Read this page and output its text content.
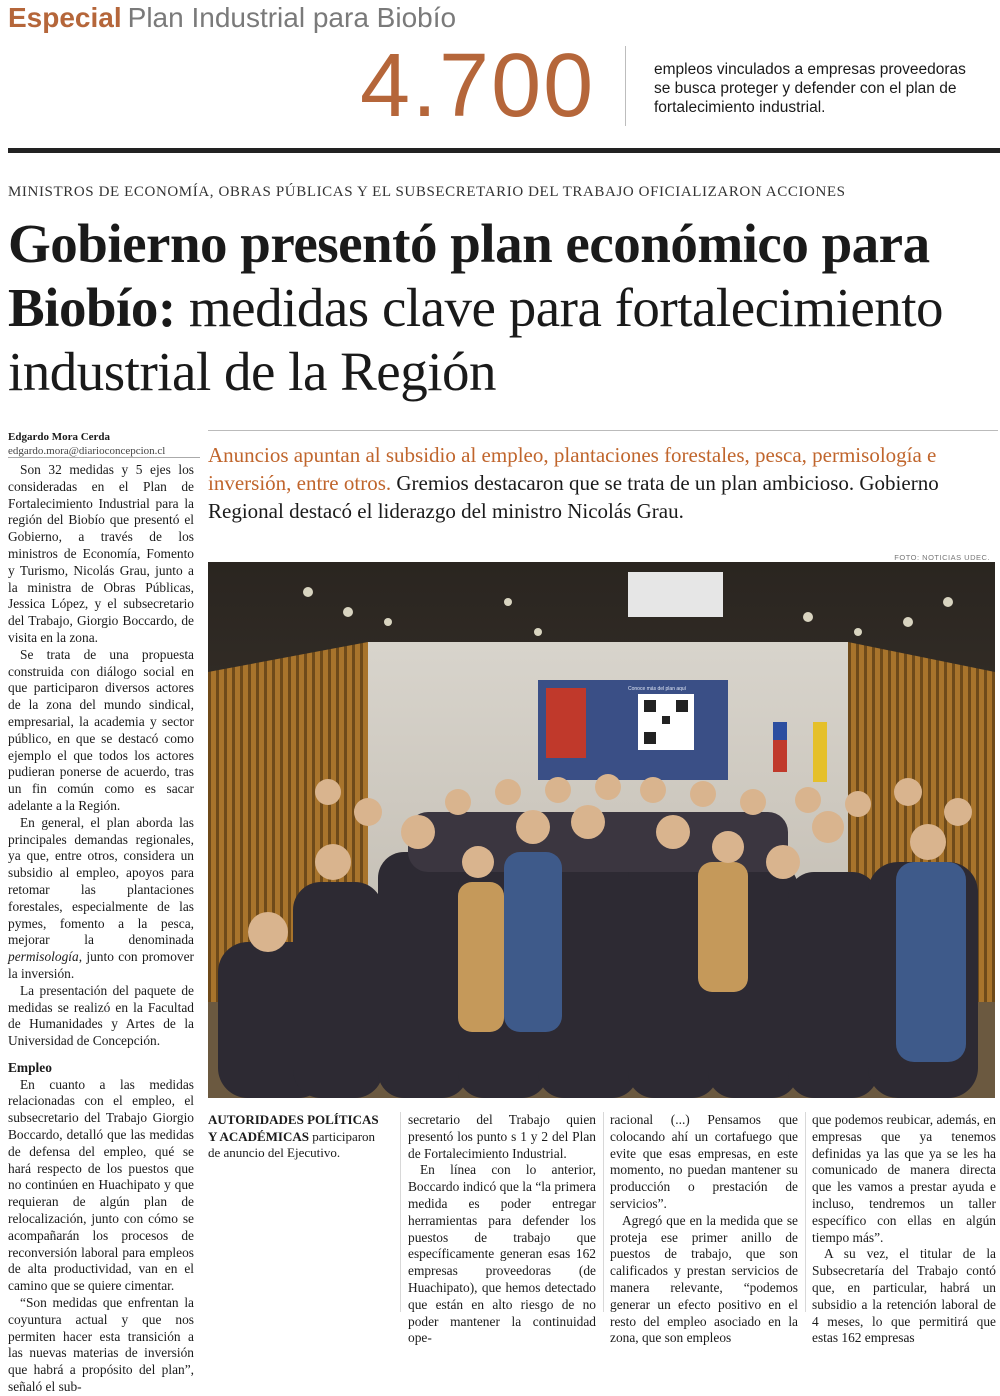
Especial Plan Industrial para Biobío
4.700	empleos vinculados a empresas proveedoras se busca proteger y defender con el plan de fortalecimiento industrial.
MINISTROS DE ECONOMÍA, OBRAS PÚBLICAS Y EL SUBSECRETARIO DEL TRABAJO OFICIALIZARON ACCIONES
Gobierno presentó plan económico para Biobío: medidas clave para fortalecimiento industrial de la Región
Edgardo Mora Cerda
edgardo.mora@diarioconcepcion.cl

Son 32 medidas y 5 ejes los consideradas en el Plan de Fortalecimiento Industrial para la región del Biobío que presentó el Gobierno, a través de los ministros de Economía, Fomento y Turismo, Nicolás Grau, junto a la ministra de Obras Públicas, Jessica López, y el subsecretario del Trabajo, Giorgio Boccardo, de visita en la zona.

Se trata de una propuesta construida con diálogo social en que participaron diversos actores de la zona del mundo sindical, empresarial, la academia y sector público, en que se destacó como ejemplo el que todos los actores pudieran ponerse de acuerdo, tras un fin común como es sacar adelante a la Región.

En general, el plan aborda las principales demandas regionales, ya que, entre otros, considera un subsidio al empleo, apoyos para retomar las plantaciones forestales, especialmente de las pymes, fomento a la pesca, mejorar la denominada permisología, junto con promover la inversión.

La presentación del paquete de medidas se realizó en la Facultad de Humanidades y Artes de la Universidad de Concepción.

Empleo

En cuanto a las medidas relacionadas con el empleo, el subsecretario del Trabajo Giorgio Boccardo, detalló que las medidas de defensa del empleo, qué se hará respecto de los puestos que no continúen en Huachipato y que requieran de algún plan de relocalización, junto con cómo se acompañarán los procesos de reconversión laboral para empleos de alta productividad, van en el camino que se quiere cimentar.

“Son medidas que enfrentan la coyuntura actual y que nos permiten hacer esta transición a las nuevas materias de inversión que habrá a propósito del plan”, señaló el sub-

Anuncios apuntan al subsidio al empleo, plantaciones forestales, pesca, permisología e inversión, entre otros. Gremios destacaron que se trata de un plan ambicioso. Gobierno Regional destacó el liderazgo del ministro Nicolás Grau.
FOTO: NOTICIAS UDEC.
Conoce más del plan aquí
AUTORIDADES POLÍTICAS Y ACADÉMICAS participaron de anuncio del Ejecutivo.

secretario del Trabajo quien presentó los punto s 1 y 2 del Plan de Fortalecimiento Industrial.

En línea con lo anterior, Boccardo indicó que la “la primera medida es poder entregar herramientas para defender los puestos de trabajo que específicamente generan esas 162 empresas proveedoras (de Huachipato), que hemos detectado que están en alto riesgo de no poder mantener la continuidad ope-

racional (...) Pensamos que colocando ahí un cortafuego que evite que esas empresas, en este momento, no puedan mantener su producción o prestación de servicios”.

Agregó que en la medida que se proteja ese primer anillo de puestos de trabajo, que son calificados y prestan servicios de manera relevante, “podemos generar un efecto positivo en el resto del empleo asociado en la zona, que son empleos

que podemos reubicar, además, en empresas que ya tenemos definidas ya las que ya se les ha comunicado de manera directa que les vamos a prestar ayuda e incluso, tendremos un taller específico con ellas en algún tiempo más”.

A su vez, el titular de la Subsecretaría del Trabajo contó que, en particular, habrá un subsidio a la retención laboral de 4 meses, lo que permitirá que estas 162 empresas
